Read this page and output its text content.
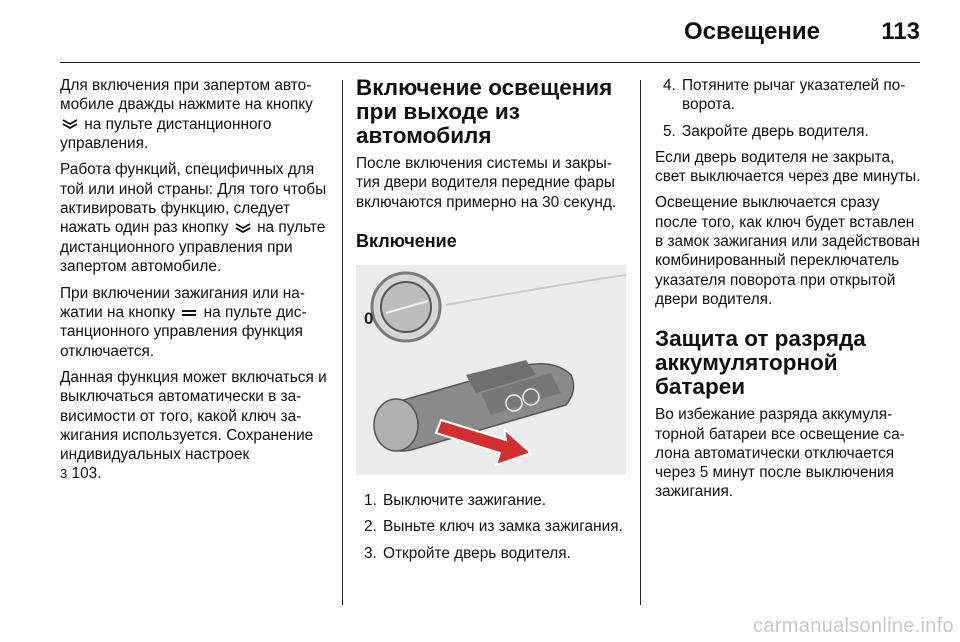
Освещение	113

Для включения при запертом автомобиле дважды нажмите на кнопку  на пульте дистанционного управления.

Работа функций, специфичных для той или иной страны: Для того чтобы активировать функцию, следует нажать один раз кнопку на пульте дистанционного управления при запертом автомобиле.

При включении зажигания или нажатии на кнопку на пульте дистанционного управления функция отключается.

Данная функция может включаться и выключаться автоматически в зависимости от того, какой ключ зажигания используется. Сохранение индивидуальных настроек
3 103.

Включение освещения при выходе из автомобиля

После включения системы и закрытия двери водителя передние фары включаются примерно на 30 секунд.

Включение
0
1. Выключите зажигание.
2. Выньте ключ из замка зажигания.
3. Откройте дверь водителя.
4. Потяните рычаг указателей поворота.
5. Закройте дверь водителя.

Если дверь водителя не закрыта, свет выключается через две минуты.

Освещение выключается сразу после того, как ключ будет вставлен в замок зажигания или задействован комбинированный переключатель указателя поворота при открытой двери водителя.

Защита от разряда аккумуляторной батареи

Во избежание разряда аккумуляторной батареи все освещение салона автоматически отключается через 5 минут после выключения зажигания.

carmanualsonline.info
